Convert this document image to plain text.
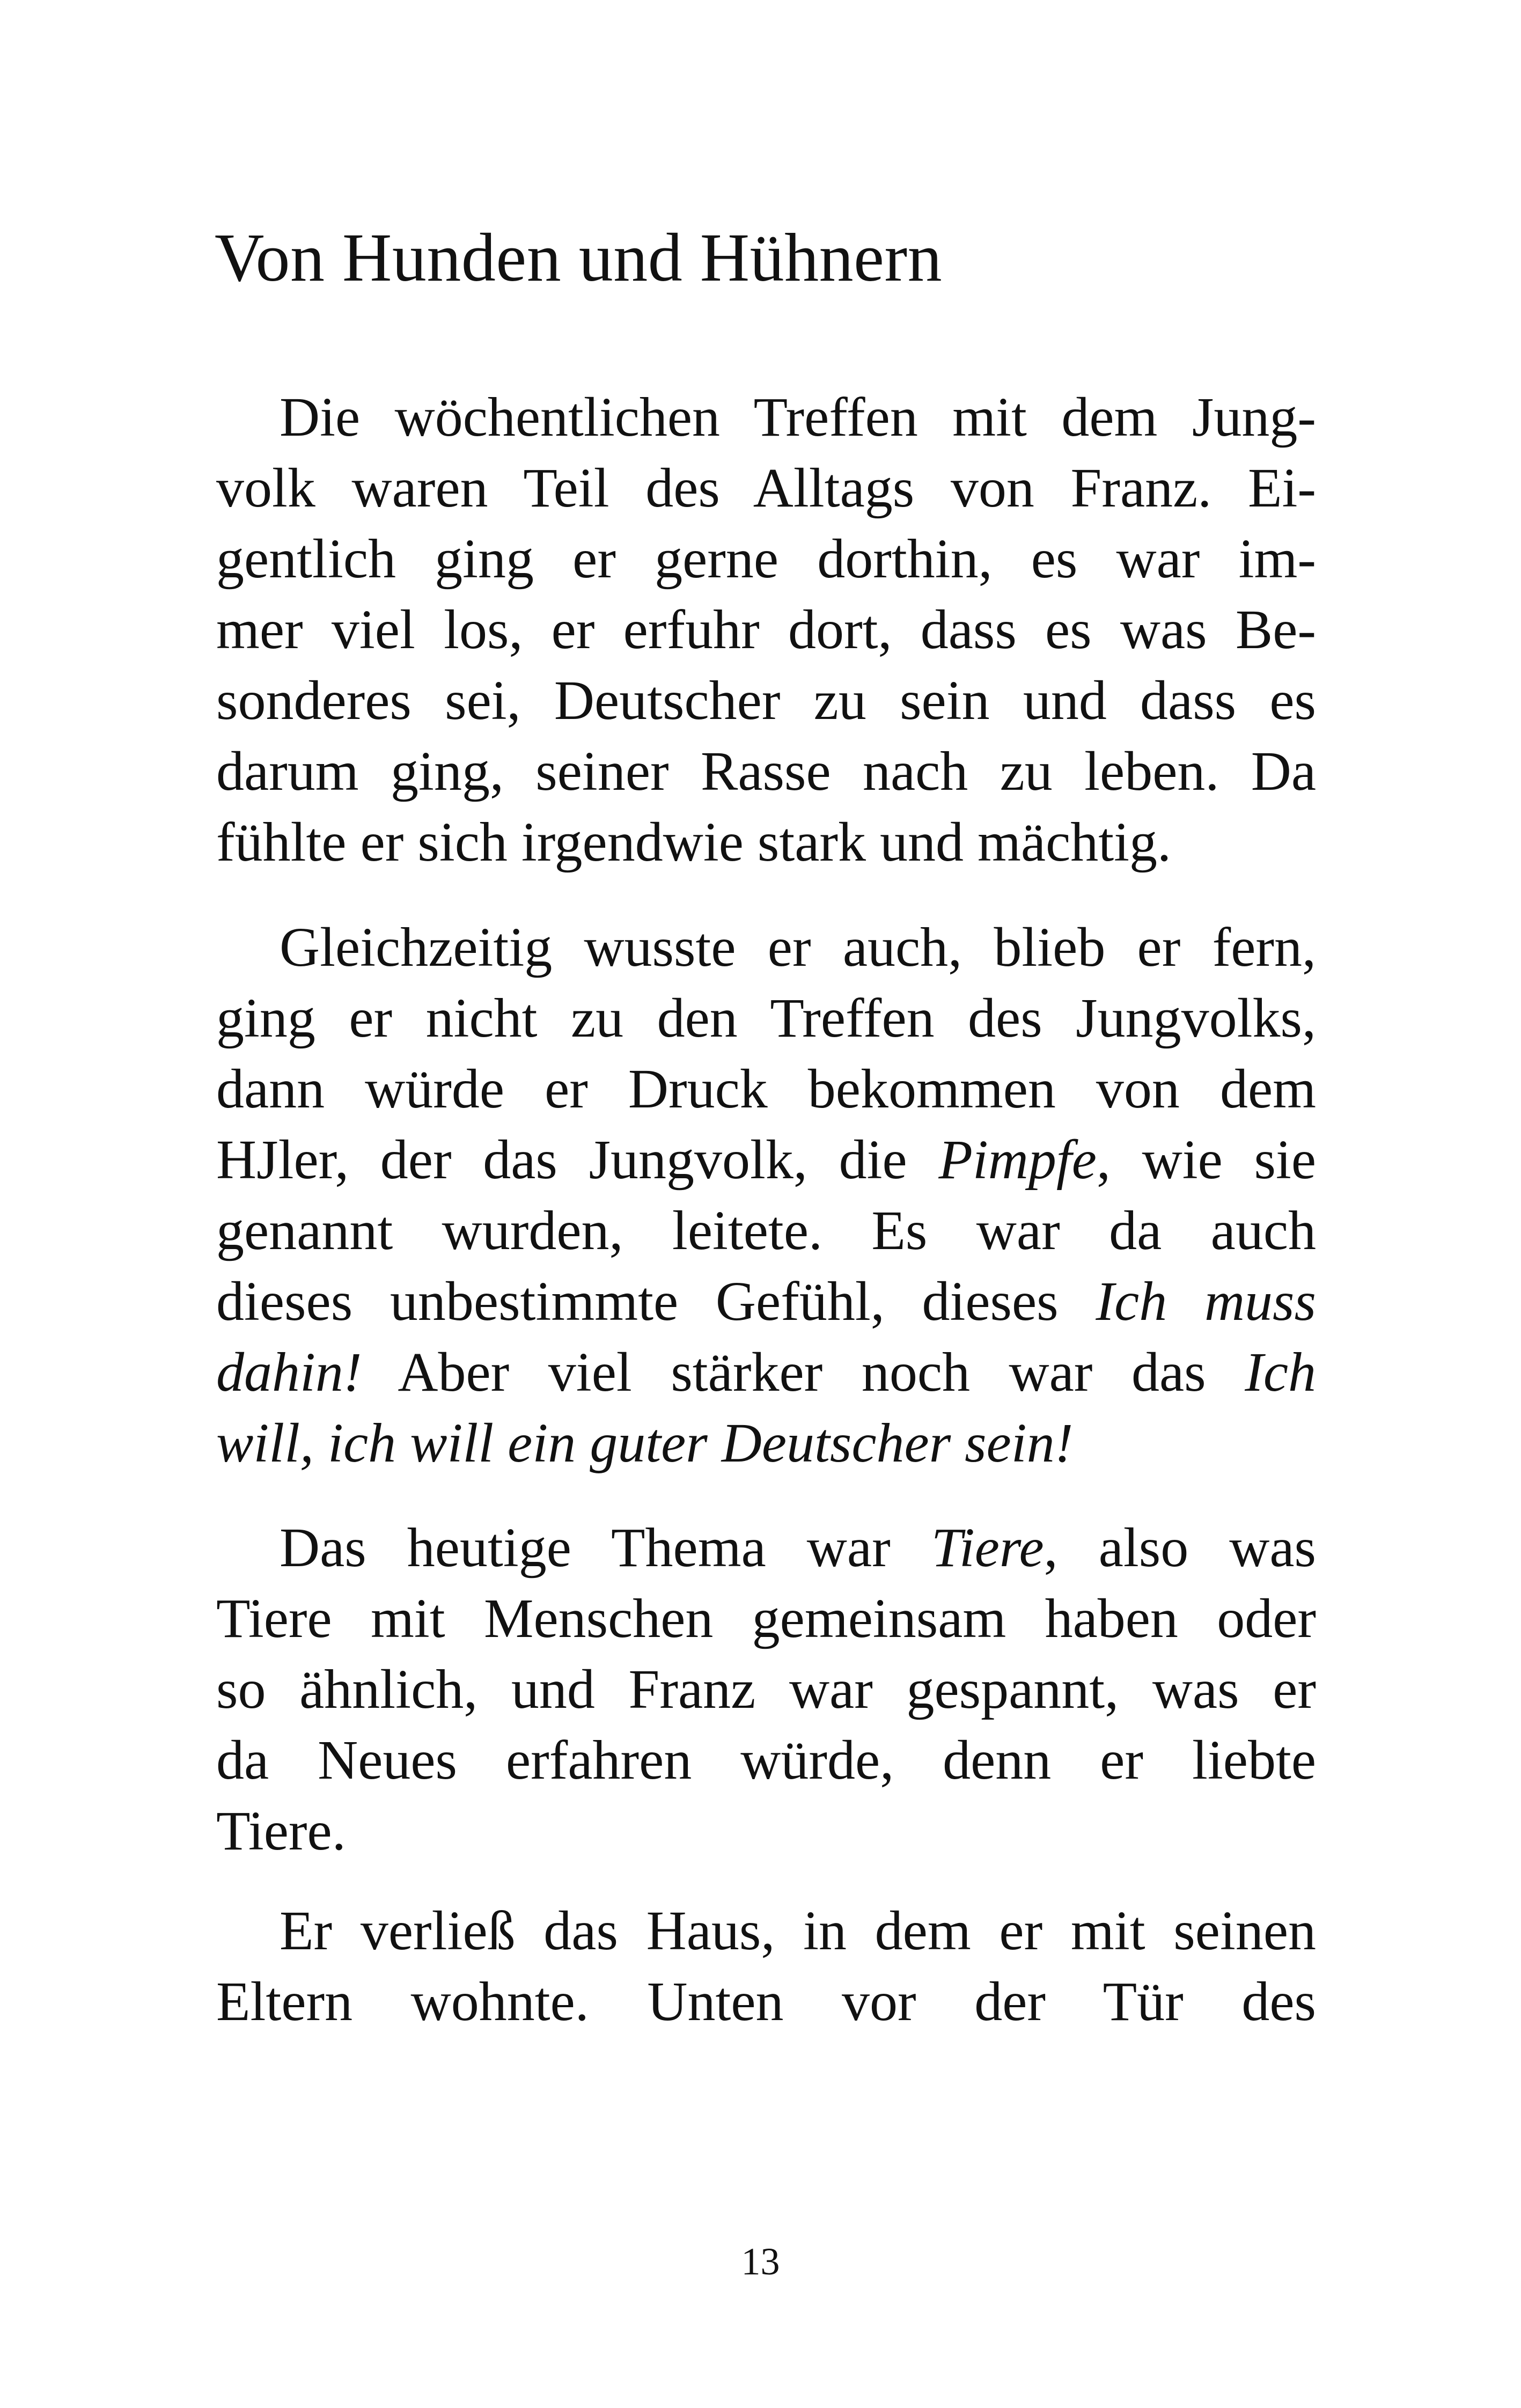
Von Hunden und Hühnern
Die wöchentlichen Treffen mit dem Jung-
volk waren Teil des Alltags von Franz. Ei-
gentlich ging er gerne dorthin, es war im-
mer viel los, er erfuhr dort, dass es was Be-
sonderes sei, Deutscher zu sein und dass es
darum ging, seiner Rasse nach zu leben. Da
fühlte er sich irgendwie stark und mächtig.
Gleichzeitig wusste er auch, blieb er fern,
ging er nicht zu den Treffen des Jungvolks,
dann würde er Druck bekommen von dem
HJler, der das Jungvolk, die Pimpfe, wie sie
genannt wurden, leitete. Es war da auch
dieses unbestimmte Gefühl, dieses Ich muss
dahin! Aber viel stärker noch war das Ich
will, ich will ein guter Deutscher sein!
Das heutige Thema war Tiere, also was
Tiere mit Menschen gemeinsam haben oder
so ähnlich, und Franz war gespannt, was er
da Neues erfahren würde, denn er liebte
Tiere.
Er verließ das Haus, in dem er mit seinen
Eltern wohnte. Unten vor der Tür des
13
